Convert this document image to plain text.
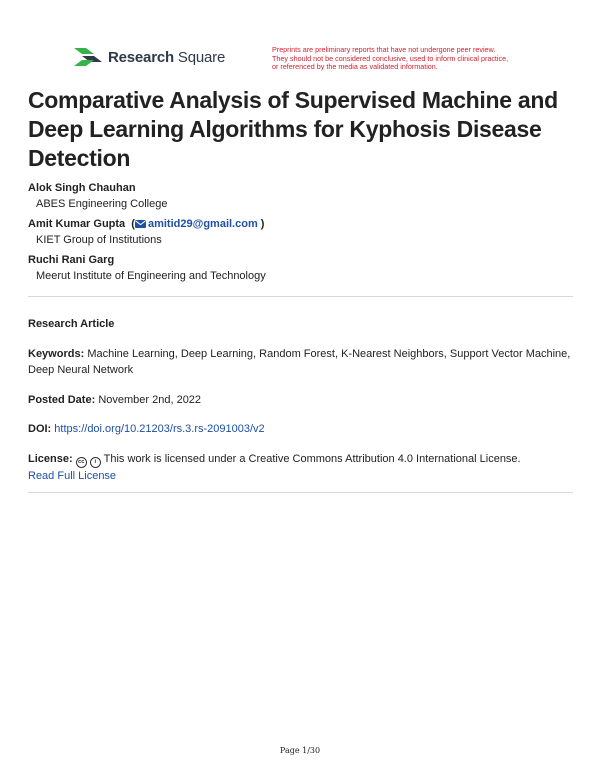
Research Square	Preprints are preliminary reports that have not undergone peer review.
They should not be considered conclusive, used to inform clinical practice,
or referenced by the media as validated information.
Comparative Analysis of Supervised Machine and Deep Learning Algorithms for Kyphosis Disease Detection
Alok Singh Chauhan
ABES Engineering College
Amit Kumar Gupta  ( amitid29@gmail.com )
KIET Group of Institutions
Ruchi Rani Garg
Meerut Institute of Engineering and Technology
Research Article
Keywords: Machine Learning, Deep Learning, Random Forest, K-Nearest Neighbors, Support Vector Machine, Deep Neural Network
Posted Date: November 2nd, 2022
DOI: https://doi.org/10.21203/rs.3.rs-2091003/v2
License: cc i This work is licensed under a Creative Commons Attribution 4.0 International License.
Read Full License
Page 1/30
